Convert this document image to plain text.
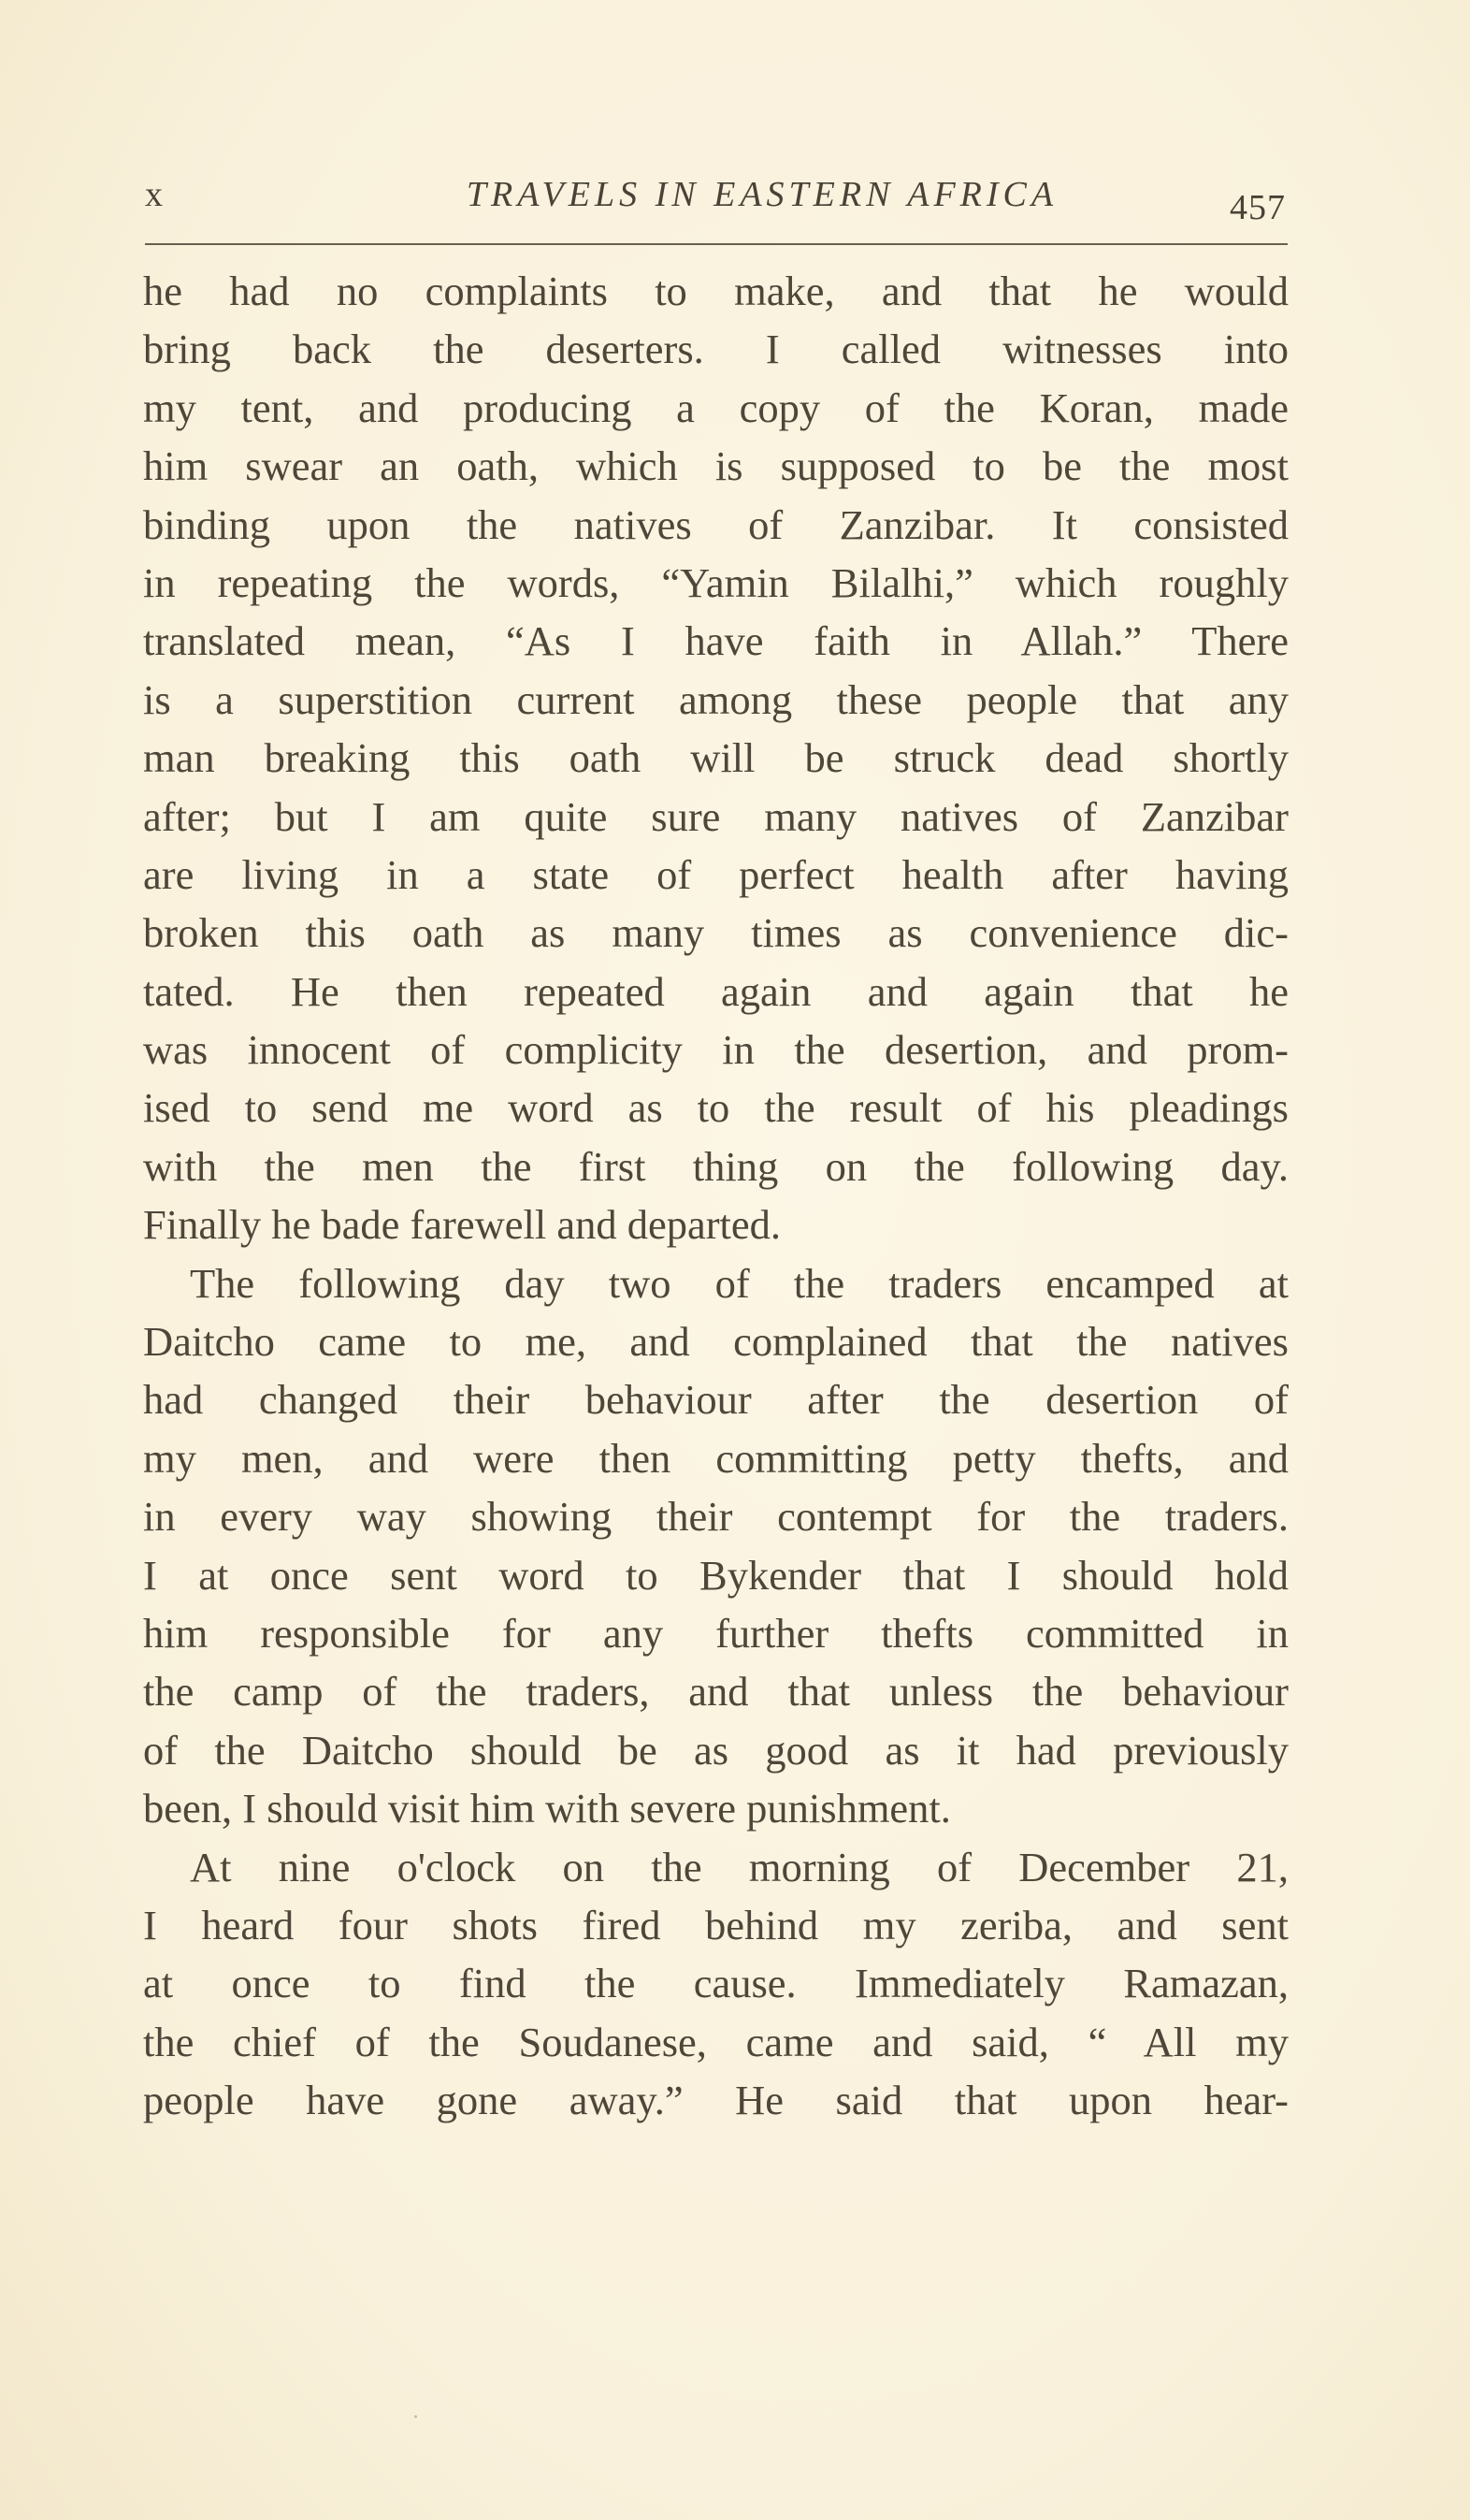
x	TRAVELS IN EASTERN AFRICA	457
he had no complaints to make, and that he would
bring back the deserters. I called witnesses into
my tent, and producing a copy of the Koran, made
him swear an oath, which is supposed to be the most
binding upon the natives of Zanzibar. It consisted
in repeating the words, “Yamin Bilalhi,” which roughly
translated mean, “As I have faith in Allah.” There
is a superstition current among these people that any
man breaking this oath will be struck dead shortly
after; but I am quite sure many natives of Zanzibar
are living in a state of perfect health after having
broken this oath as many times as convenience dic-
tated. He then repeated again and again that he
was innocent of complicity in the desertion, and prom-
ised to send me word as to the result of his pleadings
with the men the first thing on the following day.
Finally he bade farewell and departed.
The following day two of the traders encamped at
Daitcho came to me, and complained that the natives
had changed their behaviour after the desertion of
my men, and were then committing petty thefts, and
in every way showing their contempt for the traders.
I at once sent word to Bykender that I should hold
him responsible for any further thefts committed in
the camp of the traders, and that unless the behaviour
of the Daitcho should be as good as it had previously
been, I should visit him with severe punishment.
At nine o'clock on the morning of December 21,
I heard four shots fired behind my zeriba, and sent
at once to find the cause. Immediately Ramazan,
the chief of the Soudanese, came and said, “ All my
people have gone away.” He said that upon hear-
